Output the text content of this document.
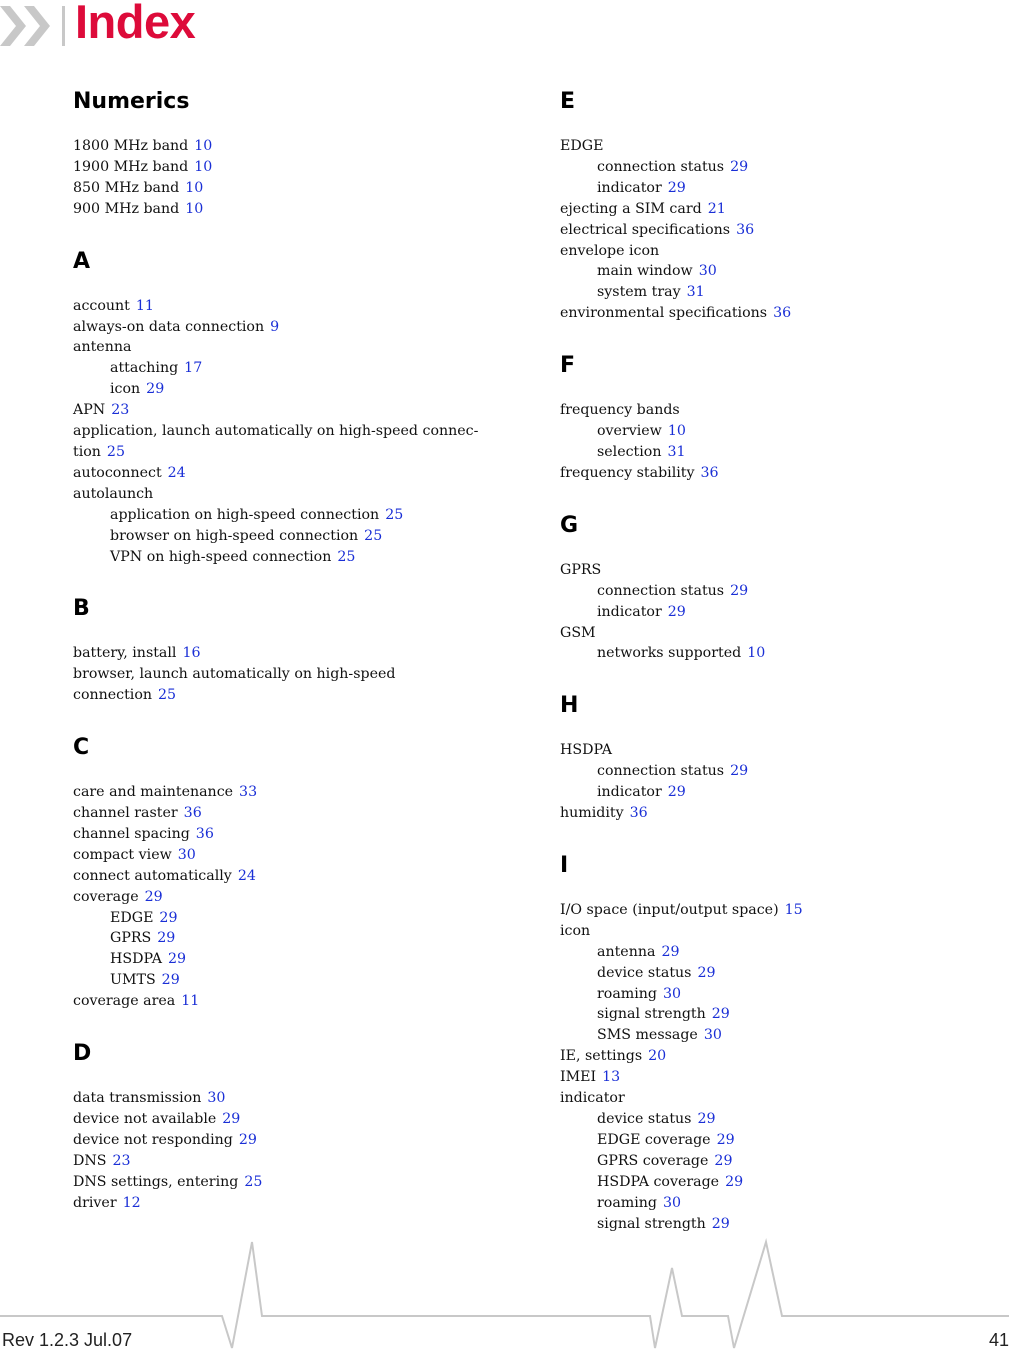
Index
Numerics
1800 MHz band 10
1900 MHz band 10
850 MHz band 10
900 MHz band 10
A
account 11
always-on data connection 9
antenna
attaching 17
icon 29
APN 23
application, launch automatically on high-speed connec-tion 25
autoconnect 24
autolaunch
application on high-speed connection 25
browser on high-speed connection 25
VPN on high-speed connection 25
B
battery, install 16
browser, launch automatically on high-speed connection 25
C
care and maintenance 33
channel raster 36
channel spacing 36
compact view 30
connect automatically 24
coverage 29
EDGE 29
GPRS 29
HSDPA 29
UMTS 29
coverage area 11
D
data transmission 30
device not available 29
device not responding 29
DNS 23
DNS settings, entering 25
driver 12
E
EDGE
connection status 29
indicator 29
ejecting a SIM card 21
electrical specifications 36
envelope icon
main window 30
system tray 31
environmental specifications 36
F
frequency bands
overview 10
selection 31
frequency stability 36
G
GPRS
connection status 29
indicator 29
GSM
networks supported 10
H
HSDPA
connection status 29
indicator 29
humidity 36
I
I/O space (input/output space) 15
icon
antenna 29
device status 29
roaming 30
signal strength 29
SMS message 30
IE, settings 20
IMEI 13
indicator
device status 29
EDGE coverage 29
GPRS coverage 29
HSDPA coverage 29
roaming 30
signal strength 29
Rev 1.2.3 Jul.07	41
